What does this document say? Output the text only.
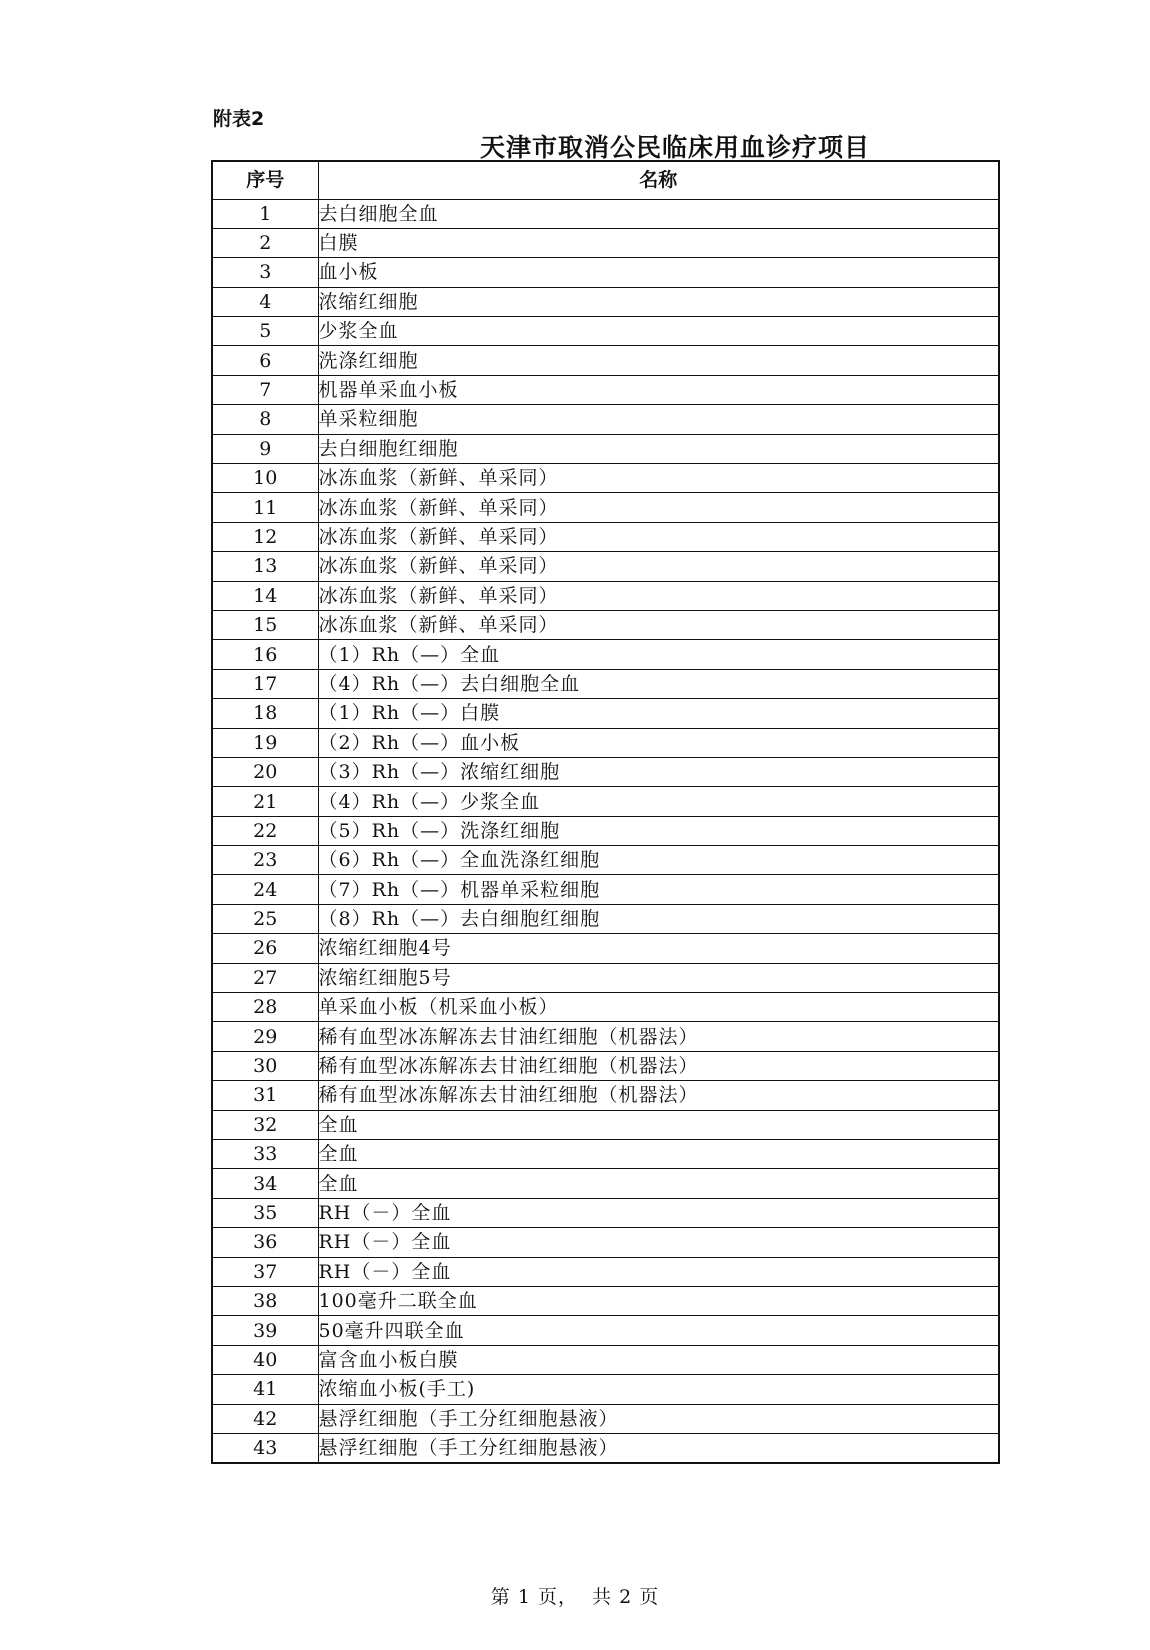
附表2
天津市取消公民临床用血诊疗项目
序号	名称
1	去白细胞全血
2	白膜
3	血小板
4	浓缩红细胞
5	少浆全血
6	洗涤红细胞
7	机器单采血小板
8	单采粒细胞
9	去白细胞红细胞
10	冰冻血浆（新鲜、单采同）
11	冰冻血浆（新鲜、单采同）
12	冰冻血浆（新鲜、单采同）
13	冰冻血浆（新鲜、单采同）
14	冰冻血浆（新鲜、单采同）
15	冰冻血浆（新鲜、单采同）
16	（1）Rh（—）全血
17	（4）Rh（—）去白细胞全血
18	（1）Rh（—）白膜
19	（2）Rh（—）血小板
20	（3）Rh（—）浓缩红细胞
21	（4）Rh（—）少浆全血
22	（5）Rh（—）洗涤红细胞
23	（6）Rh（—）全血洗涤红细胞
24	（7）Rh（—）机器单采粒细胞
25	（8）Rh（—）去白细胞红细胞
26	浓缩红细胞4号
27	浓缩红细胞5号
28	单采血小板（机采血小板）
29	稀有血型冰冻解冻去甘油红细胞（机器法）
30	稀有血型冰冻解冻去甘油红细胞（机器法）
31	稀有血型冰冻解冻去甘油红细胞（机器法）
32	全血
33	全血
34	全血
35	RH（－）全血
36	RH（－）全血
37	RH（－）全血
38	100毫升二联全血
39	50毫升四联全血
40	富含血小板白膜
41	浓缩血小板(手工)
42	悬浮红细胞（手工分红细胞悬液）
43	悬浮红细胞（手工分红细胞悬液）
第 1 页， 共 2 页
